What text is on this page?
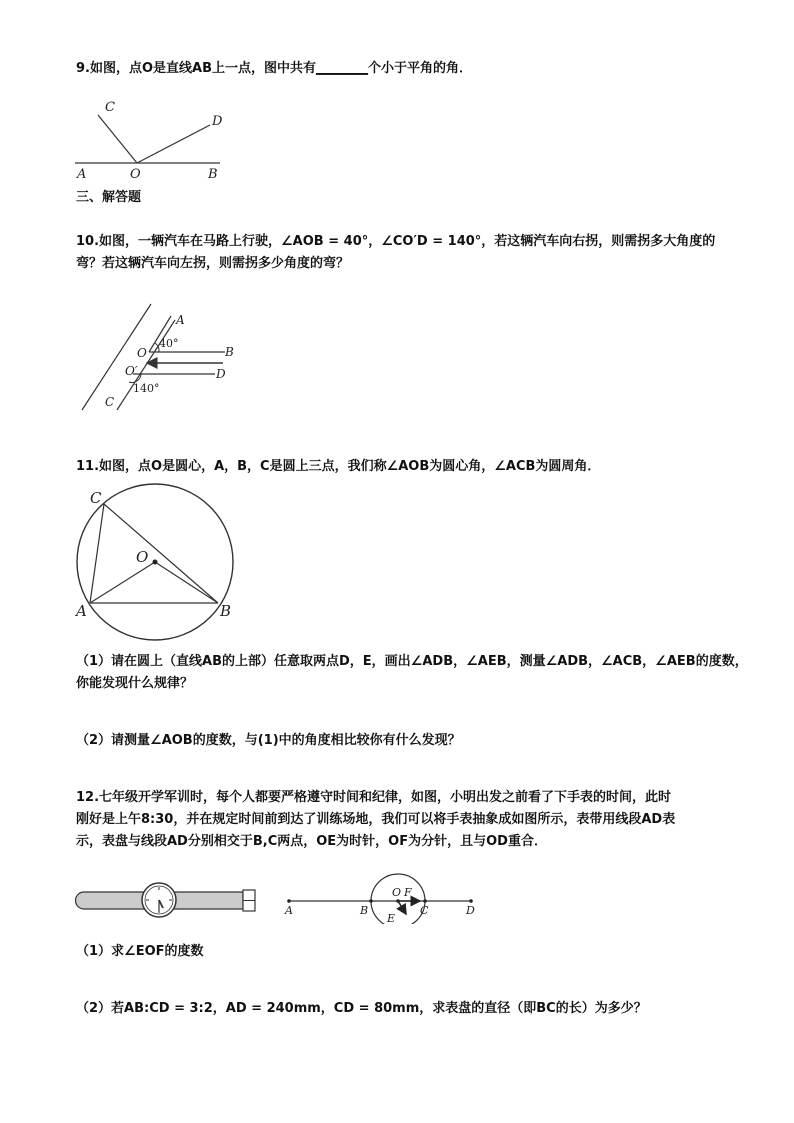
9.如图，点O是直线AB上一点，图中共有________个小于平角的角．
C
D
A	O	B
三、解答题
10.如图，一辆汽车在马路上行驶，∠AOB = 40°，∠CO′D = 140°，若这辆汽车向右拐，则需拐多大角度的
弯？若这辆汽车向左拐，则需拐多少角度的弯？
A
40°
O	B
O′	D
140°
C
11.如图，点O是圆心，A，B，C是圆上三点，我们称∠AOB为圆心角，∠ACB为圆周角．
C
O
A	B
（1）请在圆上（直线AB的上部）任意取两点D，E，画出∠ADB，∠AEB，测量∠ADB，∠ACB，∠AEB的度数，
你能发现什么规律？
（2）请测量∠AOB的度数，与(1)中的角度相比较你有什么发现？
12.七年级开学军训时，每个人都要严格遵守时间和纪律，如图，小明出发之前看了下手表的时间，此时
刚好是上午8:30，并在规定时间前到达了训练场地，我们可以将手表抽象成如图所示，表带用线段AD表
示，表盘与线段AD分别相交于B,C两点，OE为时针，OF为分针，且与OD重合．
A	B
O F
C	D
E
（1）求∠EOF的度数
（2）若AB:CD = 3:2，AD = 240mm，CD = 80mm，求表盘的直径（即BC的长）为多少？
